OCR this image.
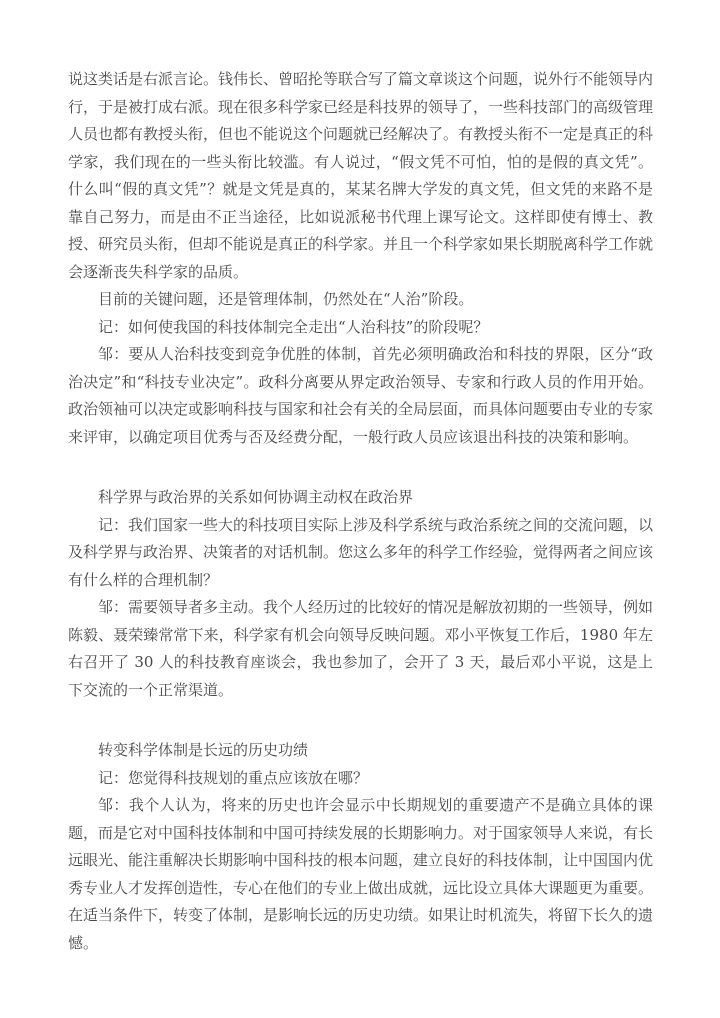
说这类话是右派言论。钱伟长、曾昭抡等联合写了篇文章谈这个问题，说外行不能领导内行，于是被打成右派。现在很多科学家已经是科技界的领导了，一些科技部门的高级管理人员也都有教授头衔，但也不能说这个问题就已经解决了。有教授头衔不一定是真正的科学家，我们现在的一些头衔比较滥。有人说过，“假文凭不可怕，怕的是假的真文凭”。什么叫“假的真文凭”？就是文凭是真的，某某名牌大学发的真文凭，但文凭的来路不是靠自己努力，而是由不正当途径，比如说派秘书代理上课写论文。这样即使有博士、教授、研究员头衔，但却不能说是真正的科学家。并且一个科学家如果长期脱离科学工作就会逐渐丧失科学家的品质。

目前的关键问题，还是管理体制，仍然处在“人治”阶段。

记：如何使我国的科技体制完全走出“人治科技”的阶段呢？

邹：要从人治科技变到竞争优胜的体制，首先必须明确政治和科技的界限，区分“政治决定”和“科技专业决定”。政科分离要从界定政治领导、专家和行政人员的作用开始。政治领袖可以决定或影响科技与国家和社会有关的全局层面，而具体问题要由专业的专家来评审，以确定项目优秀与否及经费分配，一般行政人员应该退出科技的决策和影响。

科学界与政治界的关系如何协调主动权在政治界

记：我们国家一些大的科技项目实际上涉及科学系统与政治系统之间的交流问题，以及科学界与政治界、决策者的对话机制。您这么多年的科学工作经验，觉得两者之间应该有什么样的合理机制？

邹：需要领导者多主动。我个人经历过的比较好的情况是解放初期的一些领导，例如陈毅、聂荣臻常常下来，科学家有机会向领导反映问题。邓小平恢复工作后，1980 年左右召开了 30 人的科技教育座谈会，我也参加了，会开了 3 天，最后邓小平说，这是上下交流的一个正常渠道。

转变科学体制是长远的历史功绩

记：您觉得科技规划的重点应该放在哪？

邹：我个人认为，将来的历史也许会显示中长期规划的重要遗产不是确立具体的课题，而是它对中国科技体制和中国可持续发展的长期影响力。对于国家领导人来说，有长远眼光、能注重解决长期影响中国科技的根本问题，建立良好的科技体制，让中国国内优秀专业人才发挥创造性，专心在他们的专业上做出成就，远比设立具体大课题更为重要。在适当条件下，转变了体制，是影响长远的历史功绩。如果让时机流失，将留下长久的遗憾。
